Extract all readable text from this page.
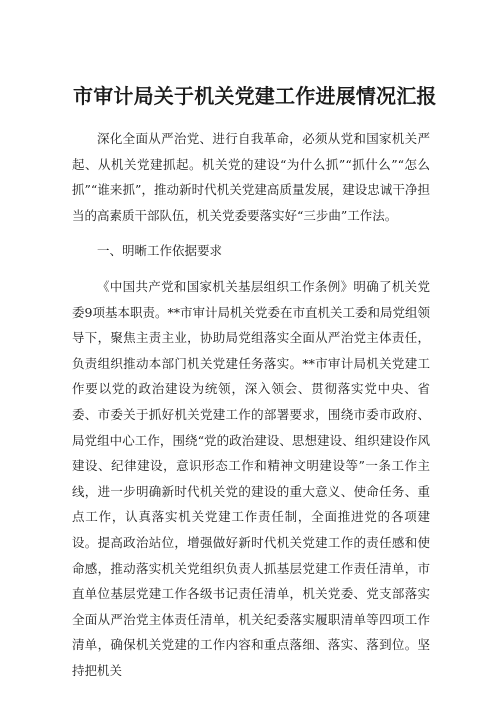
市审计局关于机关党建工作进展情况汇报

深化全面从严治党、进行自我革命，必须从党和国家机关严起、从机关党建抓起。机关党的建设“为什么抓”“抓什么”“怎么抓”“谁来抓”，推动新时代机关党建高质量发展，建设忠诚干净担当的高素质干部队伍，机关党委要落实好“三步曲”工作法。

一、明晰工作依据要求

《中国共产党和国家机关基层组织工作条例》明确了机关党委9项基本职责。**市审计局机关党委在市直机关工委和局党组领导下，聚焦主责主业，协助局党组落实全面从严治党主体责任，负责组织推动本部门机关党建任务落实。**市审计局机关党建工作要以党的政治建设为统领，深入领会、贯彻落实党中央、省委、市委关于抓好机关党建工作的部署要求，围绕市委市政府、局党组中心工作，围绕“党的政治建设、思想建设、组织建设作风建设、纪律建设，意识形态工作和精神文明建设等”一条工作主线，进一步明确新时代机关党的建设的重大意义、使命任务、重点工作，认真落实机关党建工作责任制，全面推进党的各项建设。提高政治站位，增强做好新时代机关党建工作的责任感和使命感，推动落实机关党组织负责人抓基层党建工作责任清单，市直单位基层党建工作各级书记责任清单，机关党委、党支部落实全面从严治党主体责任清单，机关纪委落实履职清单等四项工作清单，确保机关党建的工作内容和重点落细、落实、落到位。坚持把机关
